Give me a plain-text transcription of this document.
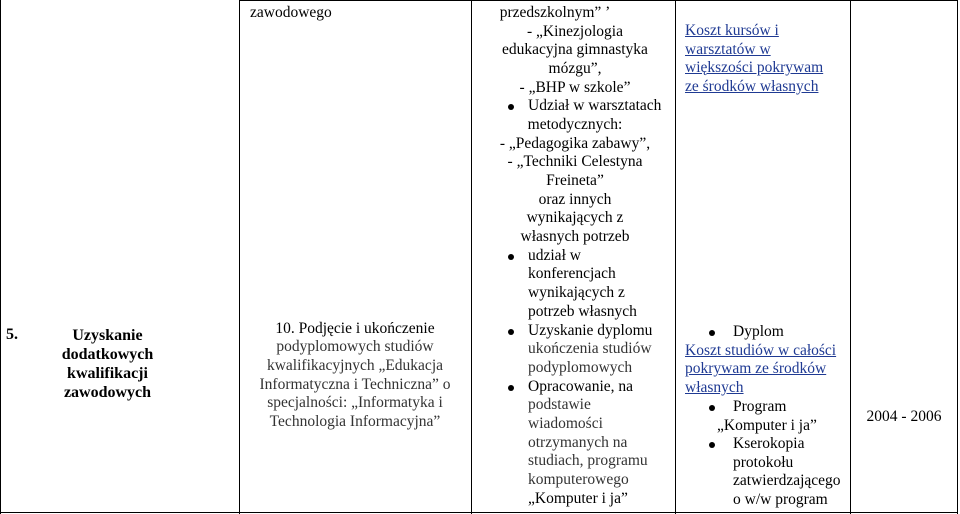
5.	Uzyskanie dodatkowych kwalifikacji zawodowych
zawodowego
10. Podjęcie i ukończenie
podyplomowych studiów
kwalifikacyjnych „Edukacja
Informatyczna i Techniczna” o
specjalności: „Informatyka i
Technologia Informacyjna”
przedszkolnym” ’
- „Kinezjologia
edukacyjna gimnastyka
mózgu”,
- „BHP w szkole”
Udział w warsztatach
metodycznych:
- „Pedagogika zabawy”,
- „Techniki Celestyna
Freineta”
oraz innych
wynikających z
własnych potrzeb
udział w
konferencjach
wynikających z
potrzeb własnych
Uzyskanie dyplomu
ukończenia studiów
podyplomowych
Opracowanie, na
podstawie
wiadomości
otrzymanych na
studiach, programu
komputerowego
„Komputer i ja”
Koszt kursów i
warsztatów w
większości pokrywam
ze środków własnych
Dyplom
Koszt studiów w całości
pokrywam ze środków
własnych
Program
„Komputer i ja”
Kserokopia
protokołu
zatwierdzającego
o w/w program
2004 - 2006
